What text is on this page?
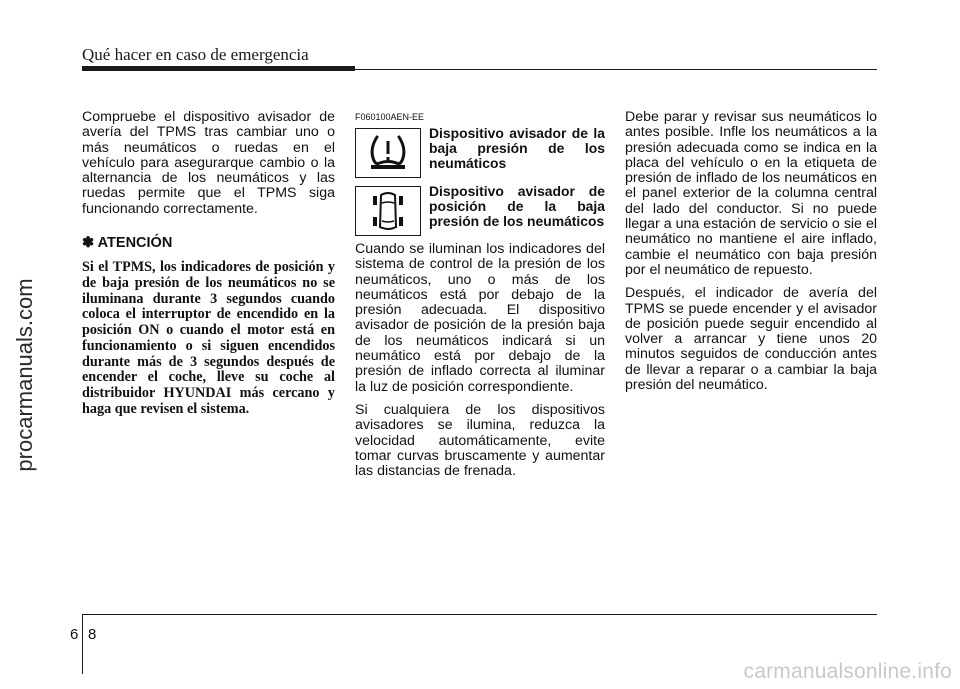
Qué hacer en caso de emergencia
procarmanuals.com

Compruebe el dispositivo avisador de avería del TPMS tras cambiar uno o más neumáticos o ruedas en el vehículo para asegurarque cambio o la alternancia de los neumáticos y las ruedas permite que el TPMS siga funcionando correctamente.

✽ ATENCIÓN

Si el TPMS, los indicadores de posición y de baja presión de los neumáticos no se iluminana durante 3 segundos cuando coloca el interruptor de encendido en la posición ON o cuando el motor está en funcionamiento o si siguen encendidos durante más de 3 segundos después de encender el coche, lleve su coche al distribuidor HYUNDAI más cercano y haga que revisen el sistema.

F060100AEN-EE
Dispositivo avisador de la baja presión de los neumáticos
Dispositivo avisador de posición de la baja presión de los neumáticos

Cuando se iluminan los indicadores del sistema de control de la presión de los neumáticos, uno o más de los neumáticos está por debajo de la presión adecuada. El dispositivo avisador de posición de la presión baja de los neumáticos indicará si un neumático está por debajo de la presión de inflado correcta al iluminar la luz de posición correspondiente.

Si cualquiera de los dispositivos avisadores se ilumina, reduzca la velocidad automáticamente, evite tomar curvas bruscamente y aumentar las distancias de frenada.

Debe parar y revisar sus neumáticos lo antes posible. Infle los neumáticos a la presión adecuada como se indica en la placa del vehículo o en la etiqueta de presión de inflado de los neumáticos en el panel exterior de la columna central del lado del conductor. Si no puede llegar a una estación de servicio o sie el neumático no mantiene el aire inflado, cambie el neumático con baja presión por el neumático de repuesto.

Después, el indicador de avería del TPMS se puede encender y el avisador de posición puede seguir encendido al volver a arrancar y tiene unos 20 minutos seguidos de conducción antes de llevar a reparar o a cambiar la baja presión del neumático.

6 8
carmanualsonline.info
